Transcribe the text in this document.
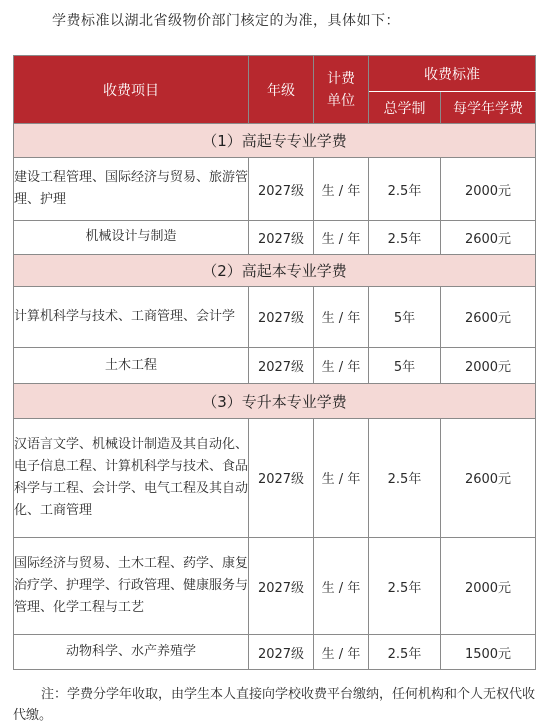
学费标准以湖北省级物价部门核定的为准，具体如下：
收费项目	年级	计费单位	收费标准	
			总学制	每学年学费
（1）高起专专业学费				
建设工程管理、国际经济与贸易、旅游管理、护理	2027级	生 / 年	2.5年	2000元
机械设计与制造	2027级	生 / 年	2.5年	2600元
（2）高起本专业学费				
计算机科学与技术、工商管理、会计学	2027级	生 / 年	5年	2600元
土木工程	2027级	生 / 年	5年	2000元
（3）专升本专业学费				
汉语言文学、机械设计制造及其自动化、电子信息工程、计算机科学与技术、食品科学与工程、会计学、电气工程及其自动化、工商管理	2027级	生 / 年	2.5年	2600元
国际经济与贸易、土木工程、药学、康复治疗学、护理学、行政管理、健康服务与管理、化学工程与工艺	2027级	生 / 年	2.5年	2000元
动物科学、水产养殖学	2027级	生 / 年	2.5年	1500元
注：学费分学年收取，由学生本人直接向学校收费平台缴纳，任何机构和个人无权代收代缴。
